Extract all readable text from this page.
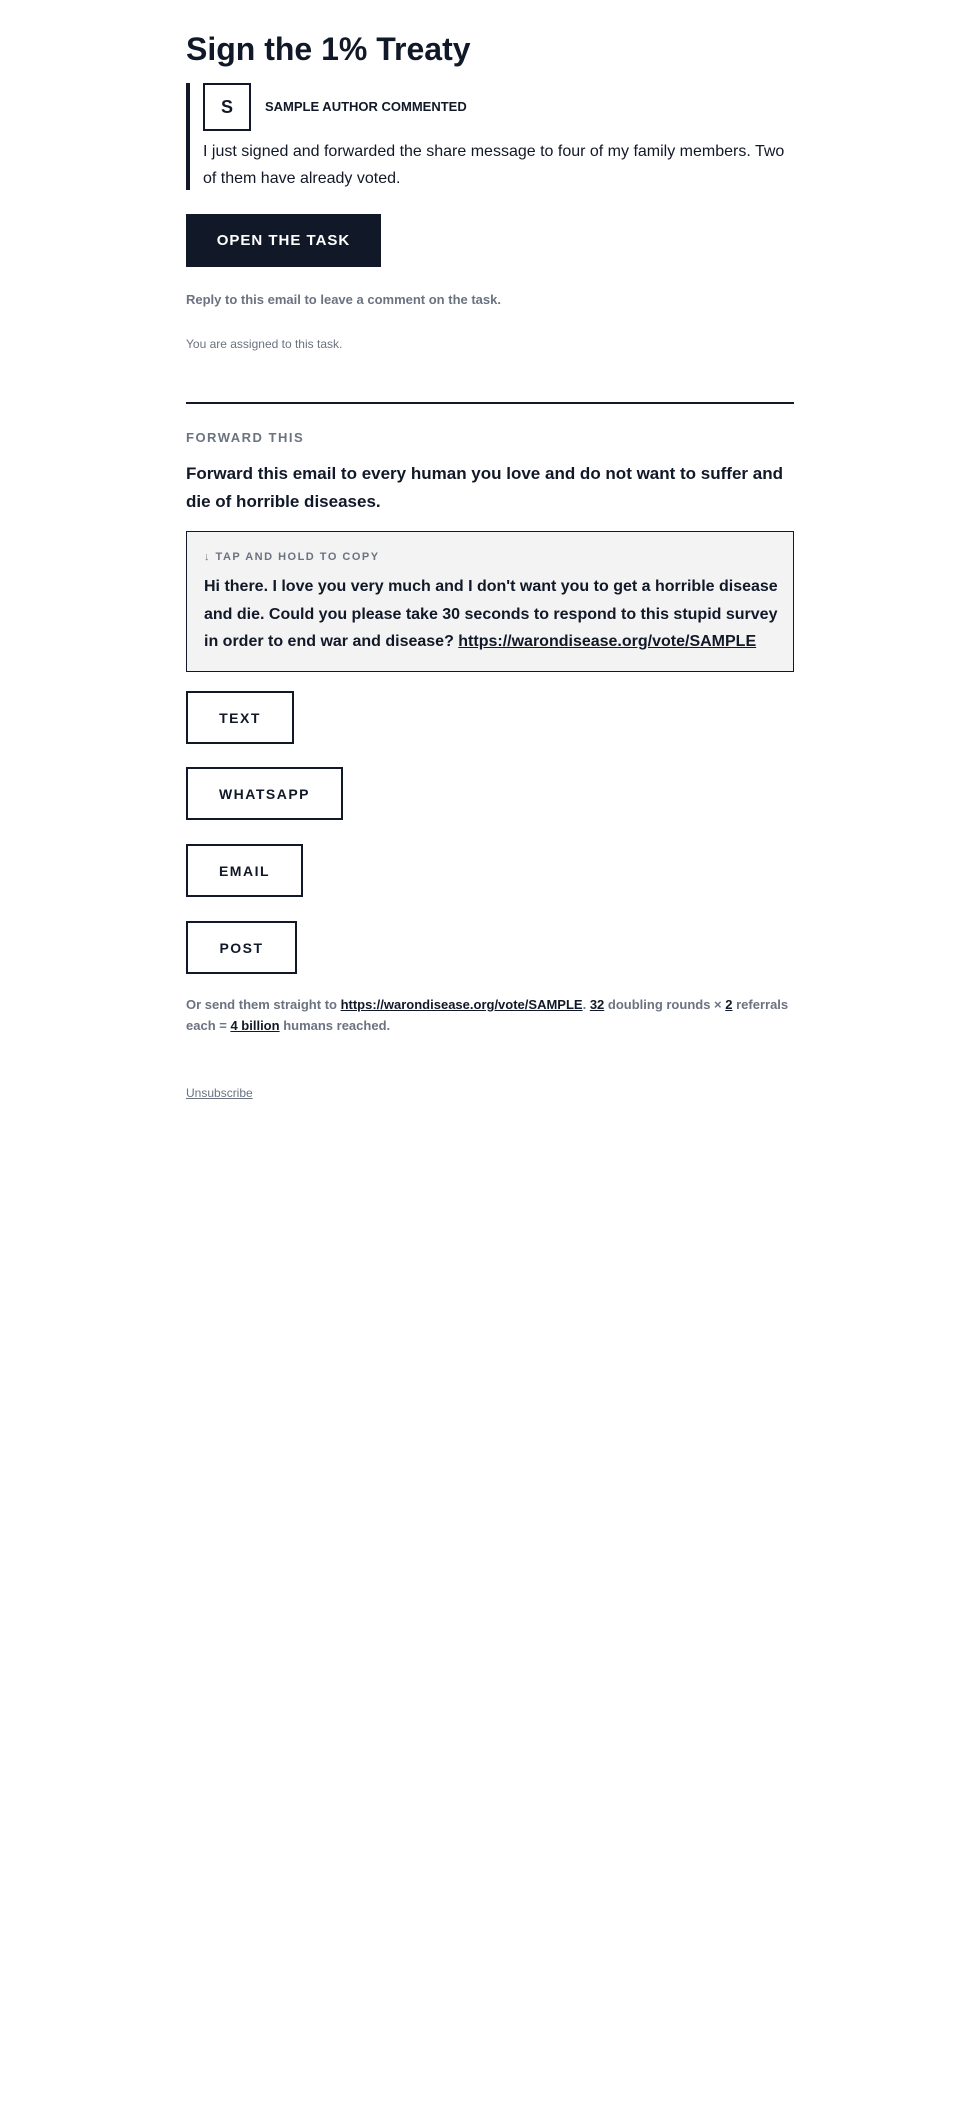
Sign the 1% Treaty
S	SAMPLE AUTHOR COMMENTED
I just signed and forwarded the share message to four of my family members. Two of them have already voted.
OPEN THE TASK
Reply to this email to leave a comment on the task.
You are assigned to this task.
FORWARD THIS
Forward this email to every human you love and do not want to suffer and die of horrible diseases.
↓ TAP AND HOLD TO COPY
Hi there. I love you very much and I don't want you to get a horrible disease and die. Could you please take 30 seconds to respond to this stupid survey in order to end war and disease? https://warondisease.org/vote/SAMPLE
TEXT
WHATSAPP
EMAIL
POST
Or send them straight to https://warondisease.org/vote/SAMPLE. 32 doubling rounds × 2 referrals each = 4 billion humans reached.
Unsubscribe
